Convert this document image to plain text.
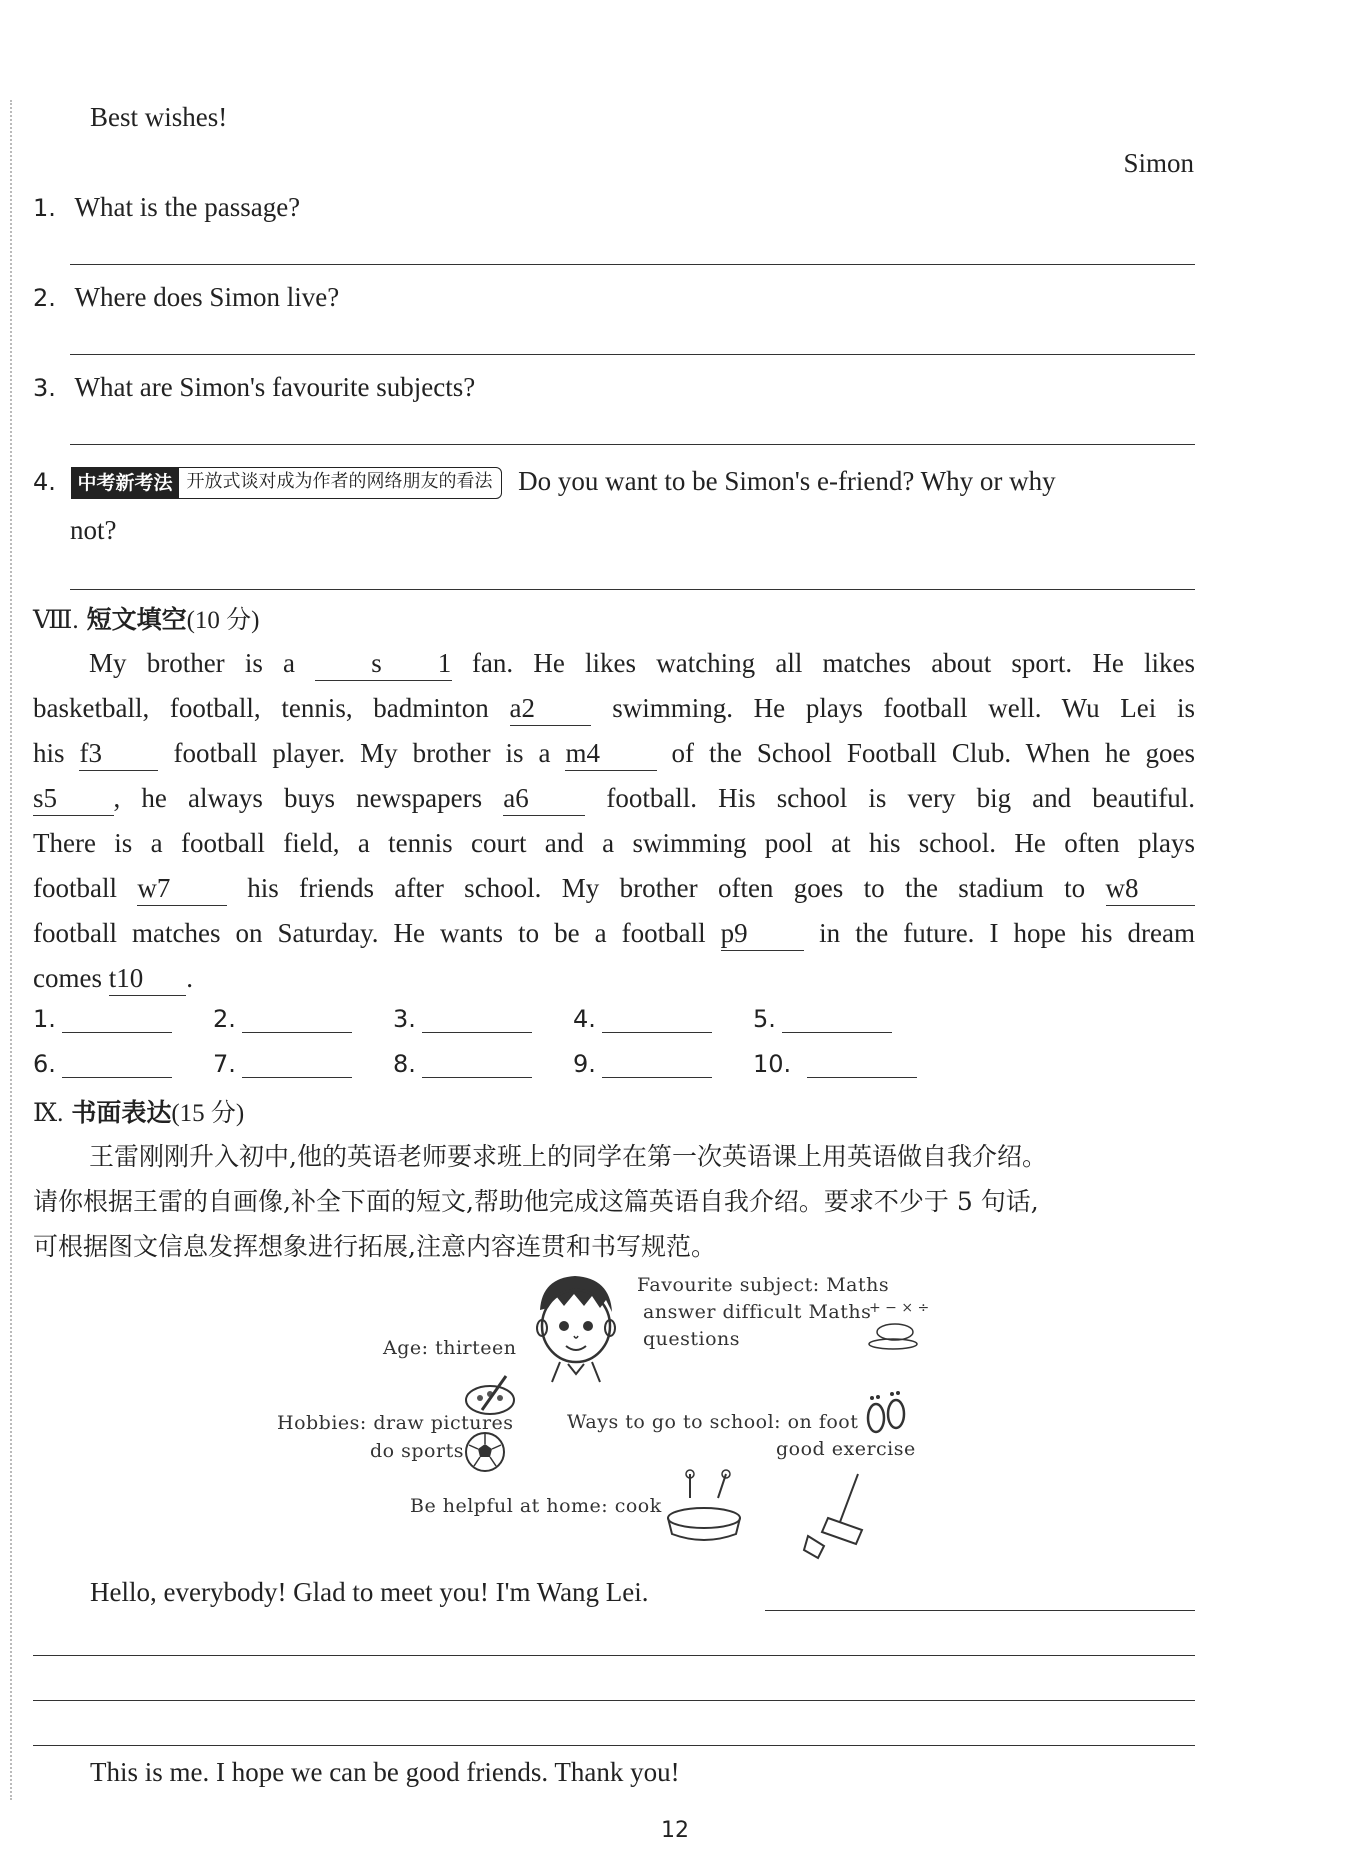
Best wishes!
Simon
1. What is the passage?
2. Where does Simon live?
3. What are Simon's favourite subjects?
4.	中考新考法 开放式谈对成为作者的网络朋友的看法 Do you want to be Simon's e-friend? Why or why
not?
Ⅷ. 短文填空(10 分)
My brother is a s 1 fan. He likes watching all matches about sport. He likes
basketball, football, tennis, badminton a2 swimming. He plays football well. Wu Lei is
his f3 football player. My brother is a m4 of the School Football Club. When he goes
s5 , he always buys newspapers a6 football. His school is very big and beautiful.
There is a football field, a tennis court and a swimming pool at his school. He often plays
football w7 his friends after school. My brother often goes to the stadium to w8
football matches on Saturday. He wants to be a football p9 in the future. I hope his dream
comes t10 .
1.	2.	3.	4.	5.
6.	7.	8.	9.	10.
Ⅸ. 书面表达(15 分)
王雷刚刚升入初中,他的英语老师要求班上的同学在第一次英语课上用英语做自我介绍。
请你根据王雷的自画像,补全下面的短文,帮助他完成这篇英语自我介绍。要求不少于 5 句话,
可根据图文信息发挥想象进行拓展,注意内容连贯和书写规范。
Age: thirteen
Favourite subject: Maths
answer difficult Maths
questions
+ − × ÷
Hobbies: draw pictures
do sports
Ways to go to school: on foot
good exercise
Be helpful at home: cook
Hello, everybody! Glad to meet you! I'm Wang Lei.
This is me. I hope we can be good friends. Thank you!
12
